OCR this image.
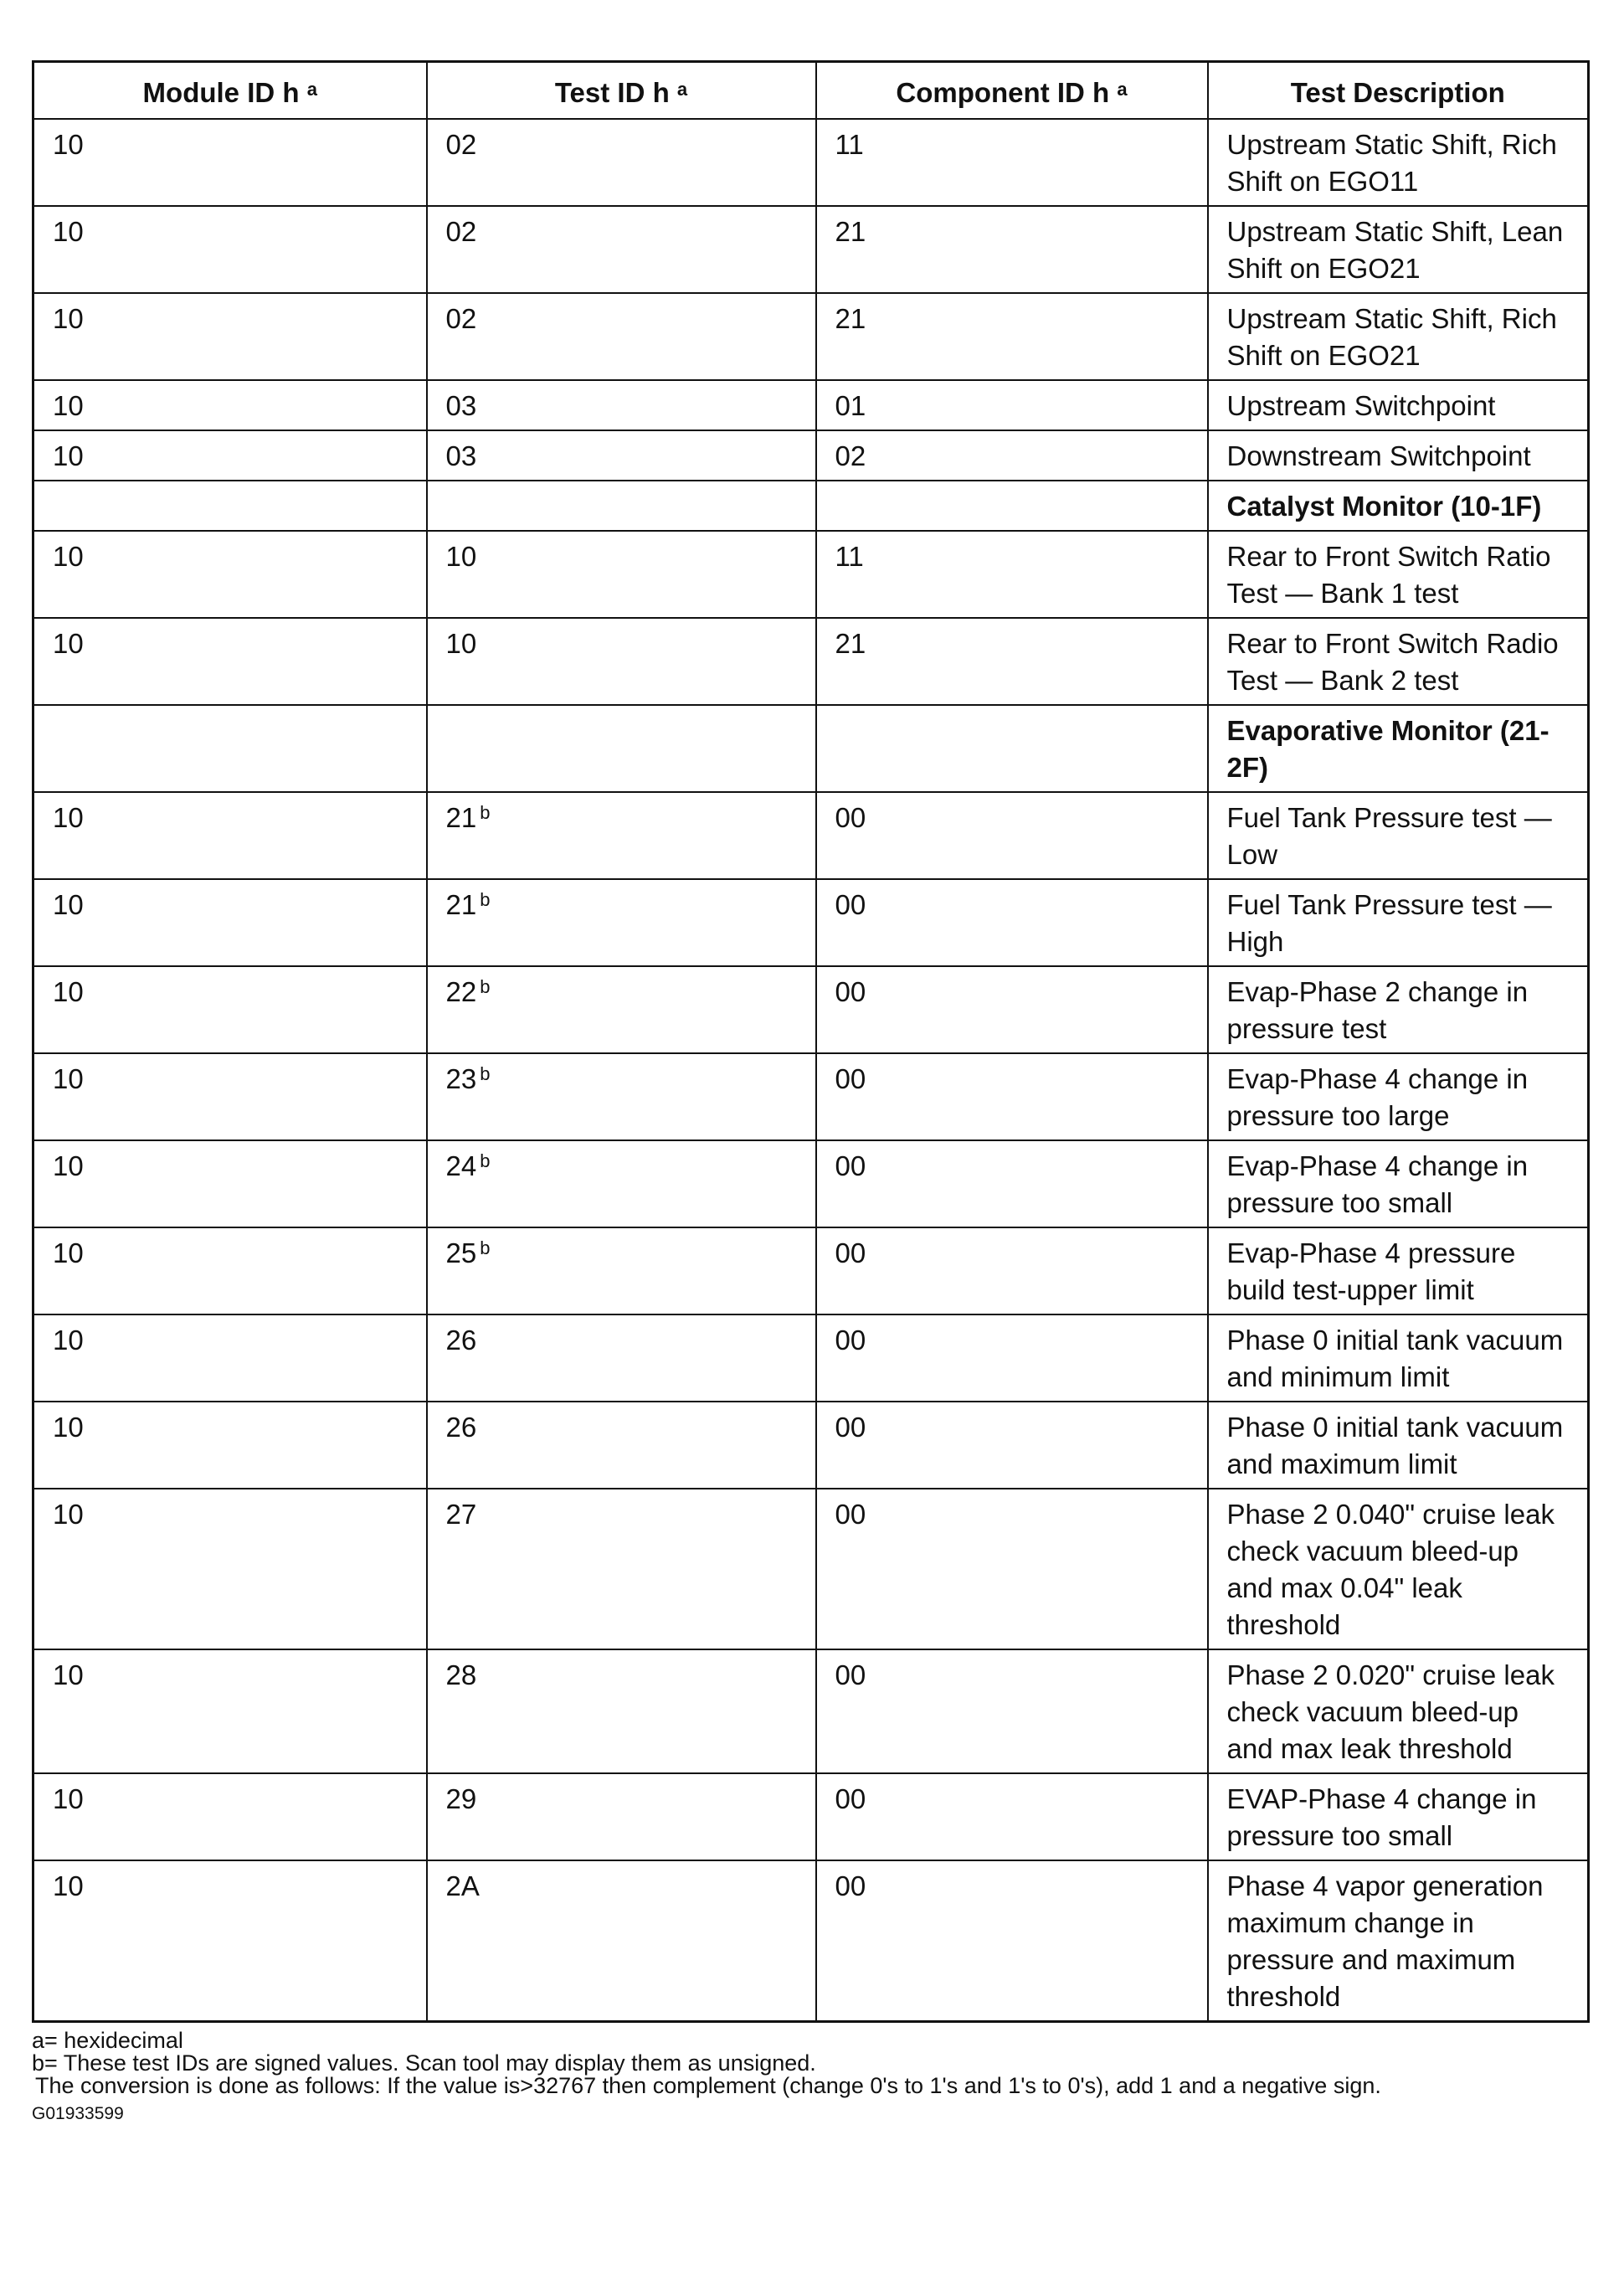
Module ID h $^a$	Test ID h $^a$	Component ID h $^a$	Test Description
10	02	11	Upstream Static Shift, Rich Shift on EGO11
10	02	21	Upstream Static Shift, Lean Shift on EGO21
10	02	21	Upstream Static Shift, Rich Shift on EGO21
10	03	01	Upstream Switchpoint
10	03	02	Downstream Switchpoint
			Catalyst Monitor (10-1F)
10	10	11	Rear to Front Switch Ratio Test — Bank 1 test
10	10	21	Rear to Front Switch Radio Test — Bank 2 test
			Evaporative Monitor (21-2F)
10	21 $^b$	00	Fuel Tank Pressure test — Low
10	21 $^b$	00	Fuel Tank Pressure test — High
10	22 $^b$	00	Evap-Phase 2 change in pressure test
10	23 $^b$	00	Evap-Phase 4 change in pressure too large
10	24 $^b$	00	Evap-Phase 4 change in pressure too small
10	25 $^b$	00	Evap-Phase 4 pressure build test-upper limit
10	26	00	Phase 0 initial tank vacuum and minimum limit
10	26	00	Phase 0 initial tank vacuum and maximum limit
10	27	00	Phase 2 0.040" cruise leak check vacuum bleed-up and max 0.04" leak threshold
10	28	00	Phase 2 0.020" cruise leak check vacuum bleed-up and max leak threshold
10	29	00	EVAP-Phase 4 change in pressure too small
10	2A	00	Phase 4 vapor generation maximum change in pressure and maximum threshold
a= hexidecimal
b= These test IDs are signed values. Scan tool may display them as unsigned.
The conversion is done as follows: If the value is>32767 then complement (change 0's to 1's and 1's to 0's), add 1 and a negative sign.
G01933599
